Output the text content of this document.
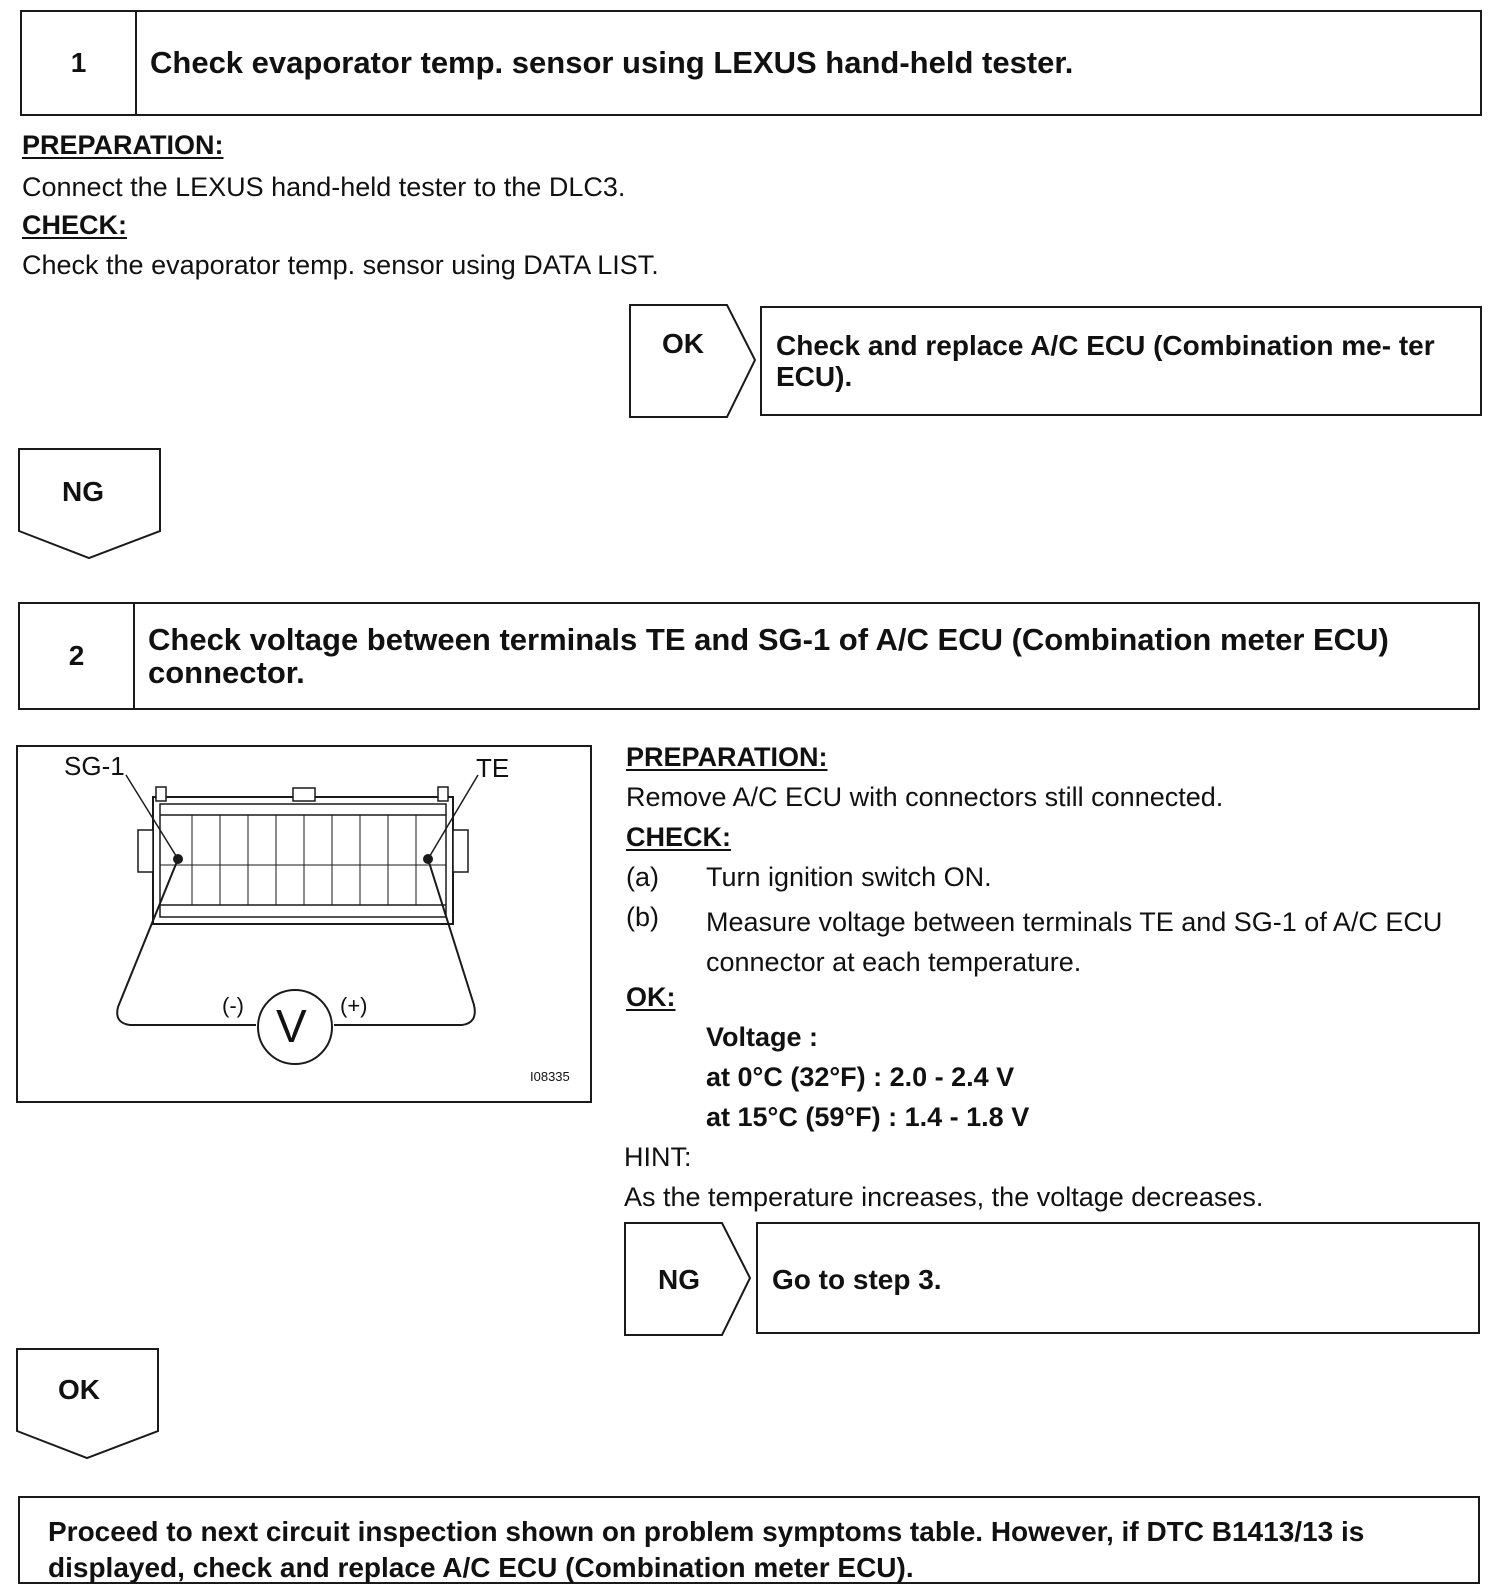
1	Check evaporator temp. sensor using LEXUS hand-held tester.
PREPARATION:
Connect the LEXUS hand-held tester to the DLC3.
CHECK:
Check the evaporator temp. sensor using DATA LIST.
OK	Check and replace A/C ECU (Combination me- ter ECU).
NG
2	Check voltage between terminals TE and SG-1 of A/C ECU (Combination meter ECU) connector.
SG-1	TE
(-)	(+)
V
I08335
PREPARATION:
Remove A/C ECU with connectors still connected.
CHECK:
(a) Turn ignition switch ON.
(b) Measure voltage between terminals TE and SG-1 of A/C ECU connector at each temperature.
OK:
Voltage :
at 0°C (32°F) : 2.0 - 2.4 V
at 15°C (59°F) : 1.4 - 1.8 V
HINT:
As the temperature increases, the voltage decreases.
NG	Go to step 3.
OK
Proceed to next circuit inspection shown on problem symptoms table. However, if DTC B1413/13 is displayed, check and replace A/C ECU (Combination meter ECU).
